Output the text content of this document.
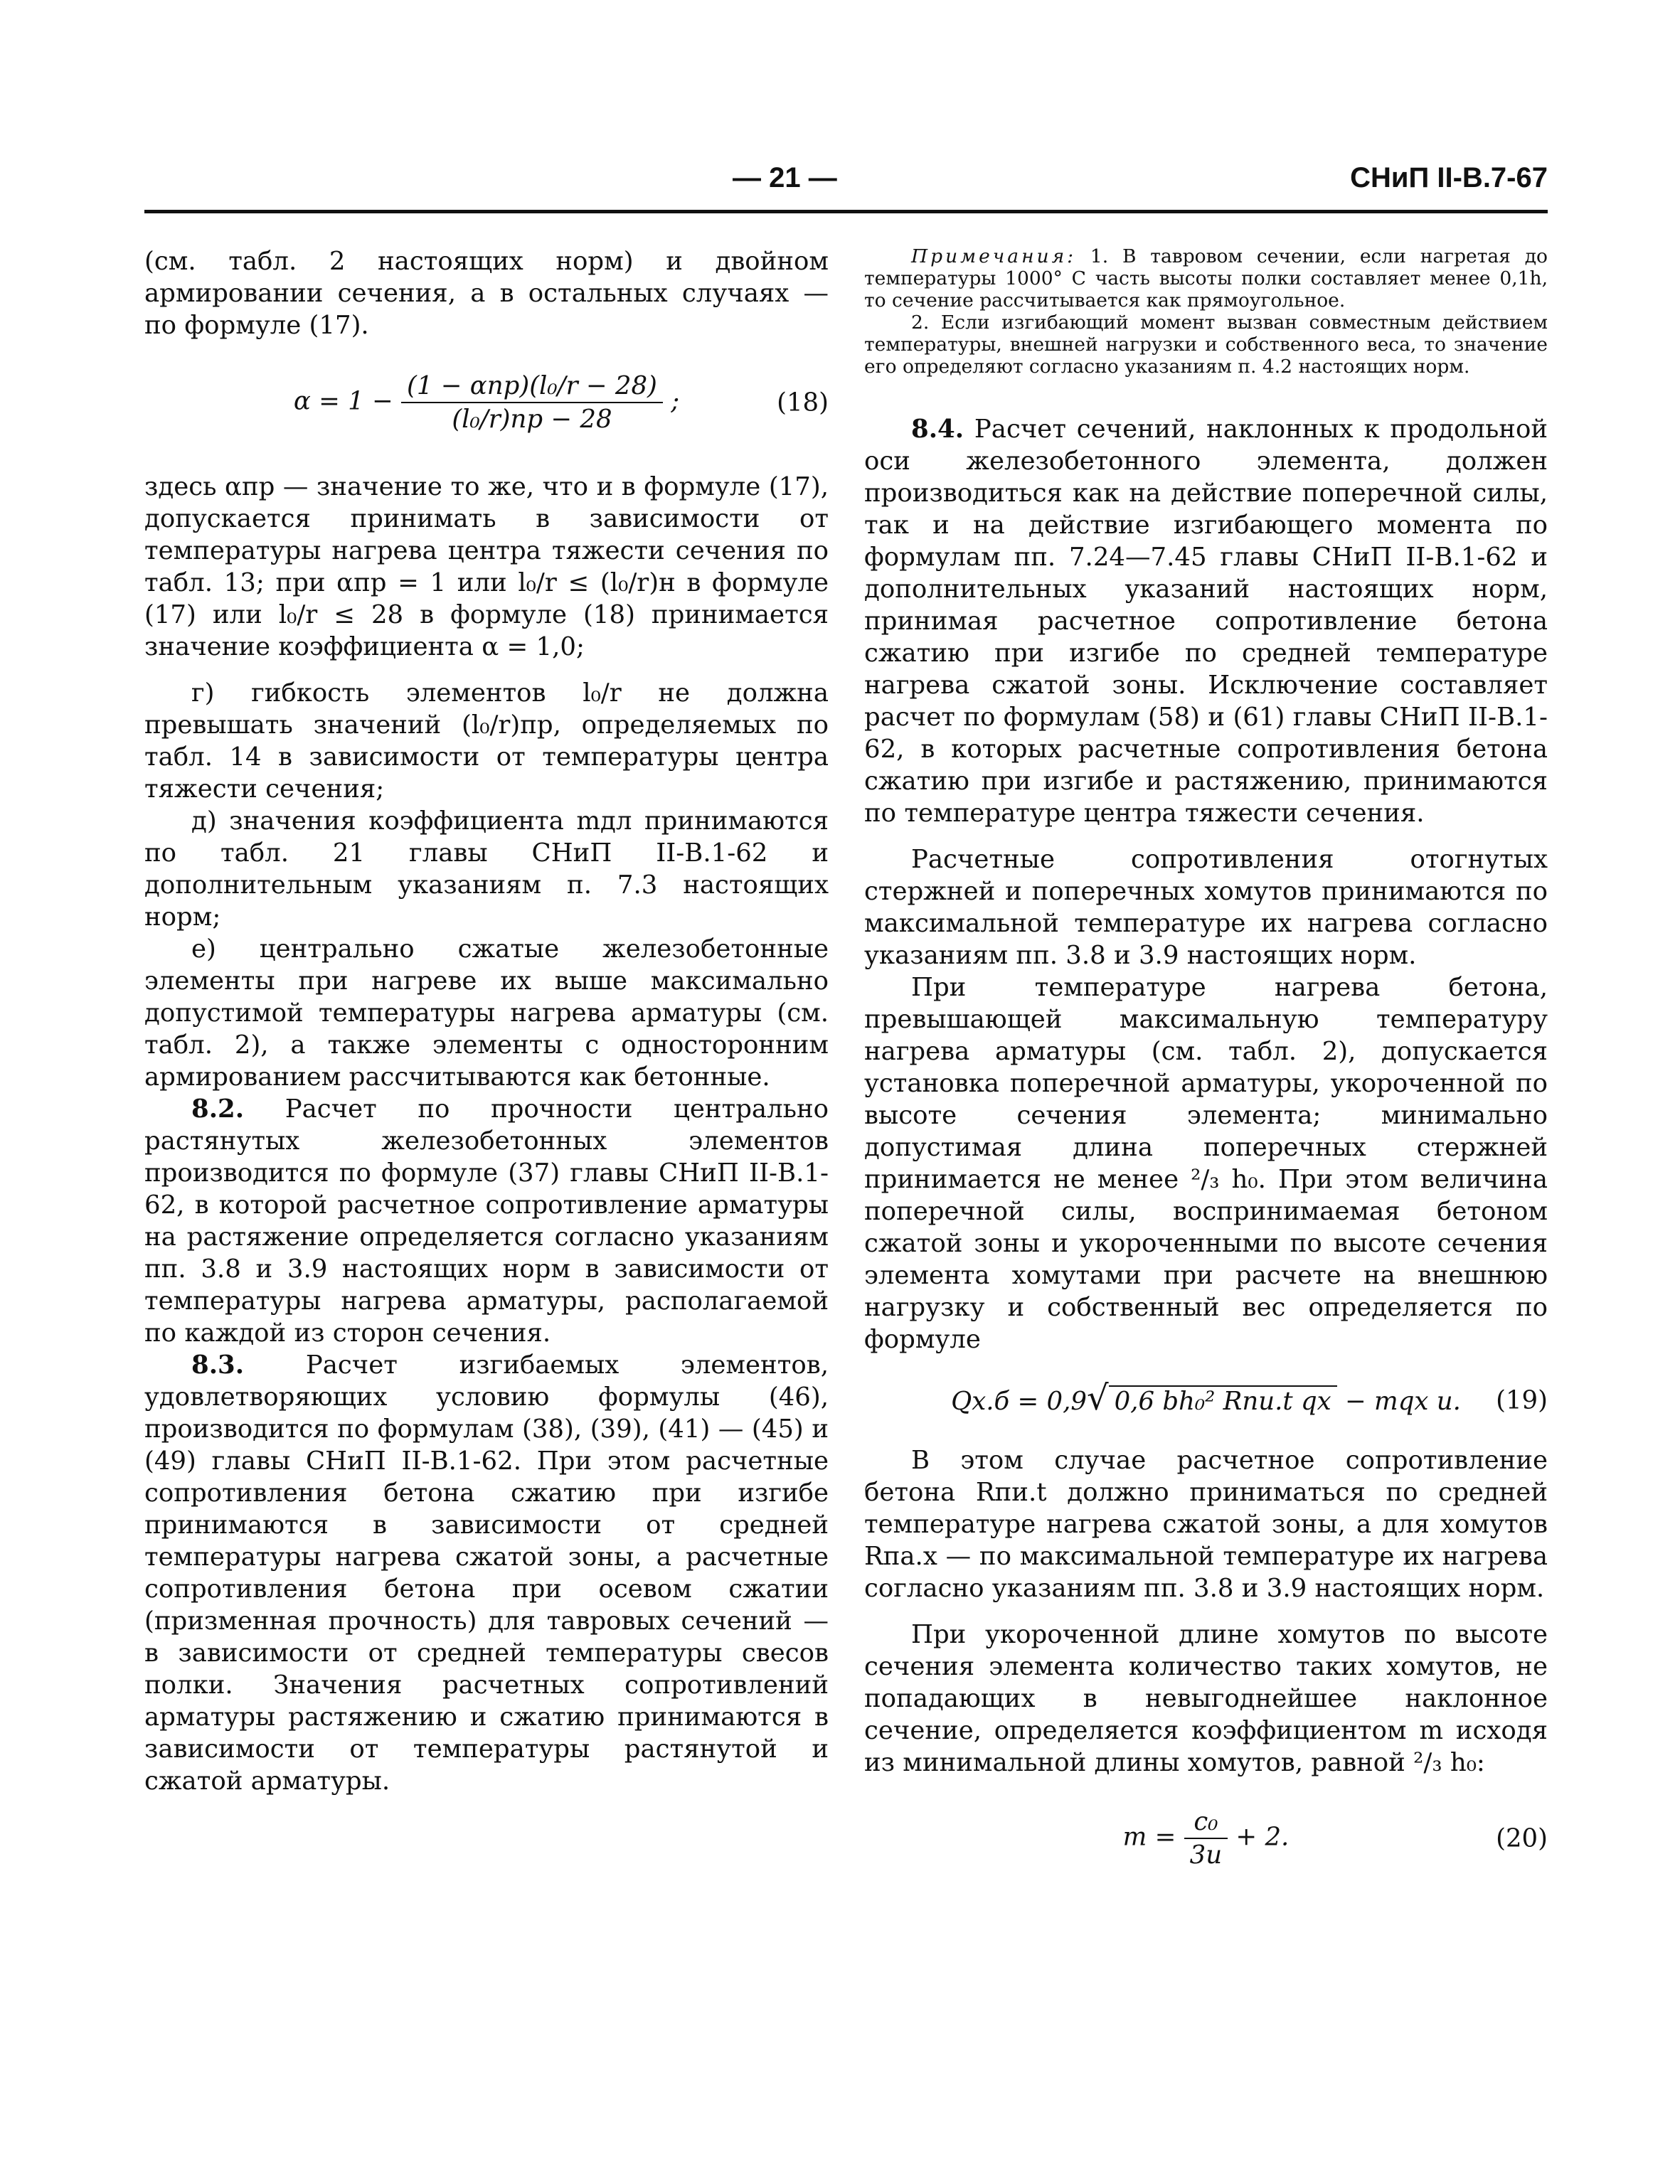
— 21 —	СНиП II-В.7-67

(см. табл. 2 настоящих норм) и двойном армировании сечения, а в остальных случаях — по формуле (17).

$\alpha = 1 - \frac{\text{(1 − αпр)(l₀/r − 28)}}{\text{(l₀/r)пр − 28}}$ ;	(18)

здесь αпр — значение то же, что и в формуле (17), допускается принимать в зависимости от температуры нагрева центра тяжести сечения по табл. 13; при αпр = 1 или l₀/r ≤ (l₀/r)н в формуле (17) или l₀/r ≤ 28 в формуле (18) принимается значение коэффициента α = 1,0;

г) гибкость элементов l₀/r не должна превышать значений (l₀/r)пр, определяемых по табл. 14 в зависимости от температуры центра тяжести сечения;

д) значения коэффициента mдл принимаются по табл. 21 главы СНиП II-В.1-62 и дополнительным указаниям п. 7.3 настоящих норм;

е) центрально сжатые железобетонные элементы при нагреве их выше максимально допустимой температуры нагрева арматуры (см. табл. 2), а также элементы с односторонним армированием рассчитываются как бетонные.

8.2. Расчет по прочности центрально растянутых железобетонных элементов производится по формуле (37) главы СНиП II-В.1-62, в которой расчетное сопротивление арматуры на растяжение определяется согласно указаниям пп. 3.8 и 3.9 настоящих норм в зависимости от температуры нагрева арматуры, располагаемой по каждой из сторон сечения.

8.3. Расчет изгибаемых элементов, удовлетворяющих условию формулы (46), производится по формулам (38), (39), (41) — (45) и (49) главы СНиП II-В.1-62. При этом расчетные сопротивления бетона сжатию при изгибе принимаются в зависимости от средней температуры нагрева сжатой зоны, а расчетные сопротивления бетона при осевом сжатии (призменная прочность) для тавровых сечений — в зависимости от средней температуры свесов полки. Значения расчетных сопротивлений арматуры растяжению и сжатию принимаются в зависимости от температуры растянутой и сжатой арматуры.

Примечания: 1. В тавровом сечении, если нагретая до температуры 1000° С часть высоты полки составляет менее 0,1h, то сечение рассчитывается как прямоугольное.

2. Если изгибающий момент вызван совместным действием температуры, внешней нагрузки и собственного веса, то значение его определяют согласно указаниям п. 4.2 настоящих норм.

8.4. Расчет сечений, наклонных к продольной оси железобетонного элемента, должен производиться как на действие поперечной силы, так и на действие изгибающего момента по формулам пп. 7.24—7.45 главы СНиП II-В.1-62 и дополнительных указаний настоящих норм, принимая расчетное сопротивление бетона сжатию при изгибе по средней температуре нагрева сжатой зоны. Исключение составляет расчет по формулам (58) и (61) главы СНиП II-В.1-62, в которых расчетные сопротивления бетона сжатию при изгибе и растяжению, принимаются по температуре центра тяжести сечения.

Расчетные сопротивления отогнутых стержней и поперечных хомутов принимаются по максимальной температуре их нагрева согласно указаниям пп. 3.8 и 3.9 настоящих норм.

При температуре нагрева бетона, превышающей максимальную температуру нагрева арматуры (см. табл. 2), допускается установка поперечной арматуры, укороченной по высоте сечения элемента; минимально допустимая длина поперечных стержней принимается не менее ²/₃ h₀. При этом величина поперечной силы, воспринимаемая бетоном сжатой зоны и укороченными по высоте сечения элемента хомутами при расчете на внешнюю нагрузку и собственный вес определяется по формуле

Qх.б = 0,9√ 0,6 bh₀² Rпи.t qх − mqх u. (19)

В этом случае расчетное сопротивление бетона Rпи.t должно приниматься по средней температуре нагрева сжатой зоны, а для хомутов Rпа.х — по максимальной температуре их нагрева согласно указаниям пп. 3.8 и 3.9 настоящих норм.

При укороченной длине хомутов по высоте сечения элемента количество таких хомутов, не попадающих в невыгоднейшее наклонное сечение, определяется коэффициентом m исходя из минимальной длины хомутов, равной ²/₃ h₀:

$m = \frac{\text{c₀}}{3u} + 2$.	(20)
